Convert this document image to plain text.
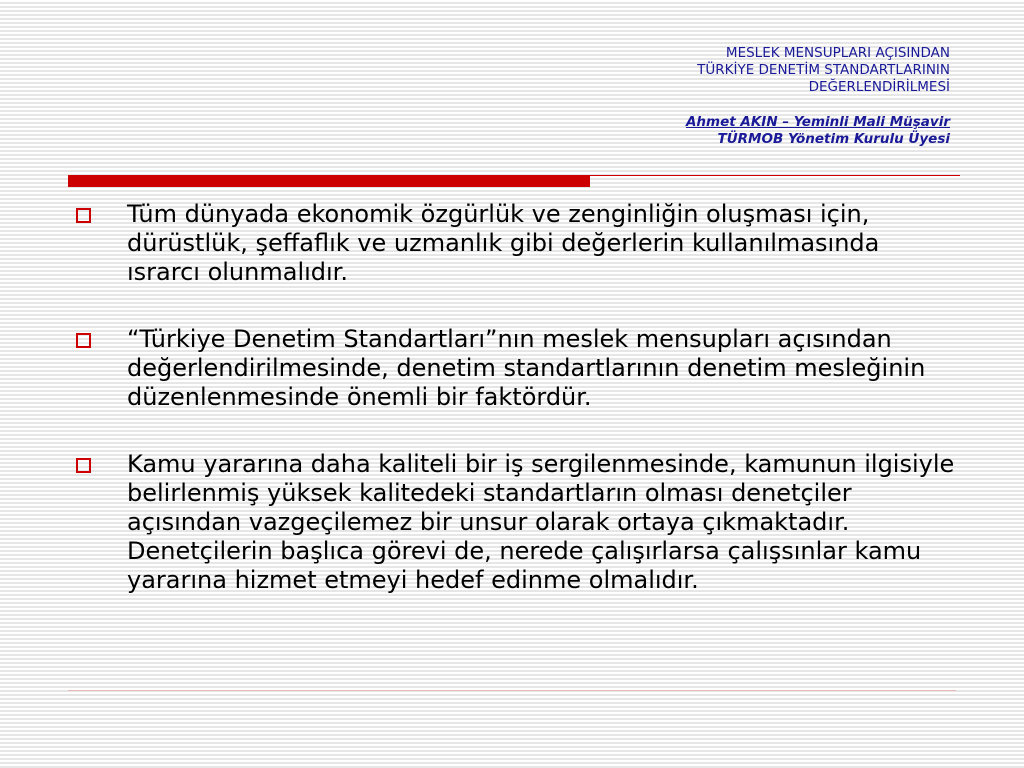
MESLEK MENSUPLARI AÇISINDAN
TÜRKİYE DENETİM STANDARTLARININ
DEĞERLENDİRİLMESİ
Ahmet AKIN – Yeminli Mali Müşavir
TÜRMOB Yönetim Kurulu Üyesi
Tüm dünyada ekonomik özgürlük ve zenginliğin oluşması için, dürüstlük, şeffaflık ve uzmanlık gibi değerlerin kullanılmasında ısrarcı olunmalıdır.
“Türkiye Denetim Standartları”nın meslek mensupları açısından değerlendirilmesinde, denetim standartlarının denetim mesleğinin düzenlenmesinde önemli bir faktördür.
Kamu yararına daha kaliteli bir iş sergilenmesinde, kamunun ilgisiyle belirlenmiş yüksek kalitedeki standartların olması denetçiler açısından vazgeçilemez bir unsur olarak ortaya çıkmaktadır. Denetçilerin başlıca görevi de, nerede çalışırlarsa çalışsınlar kamu yararına hizmet etmeyi hedef edinme olmalıdır.
